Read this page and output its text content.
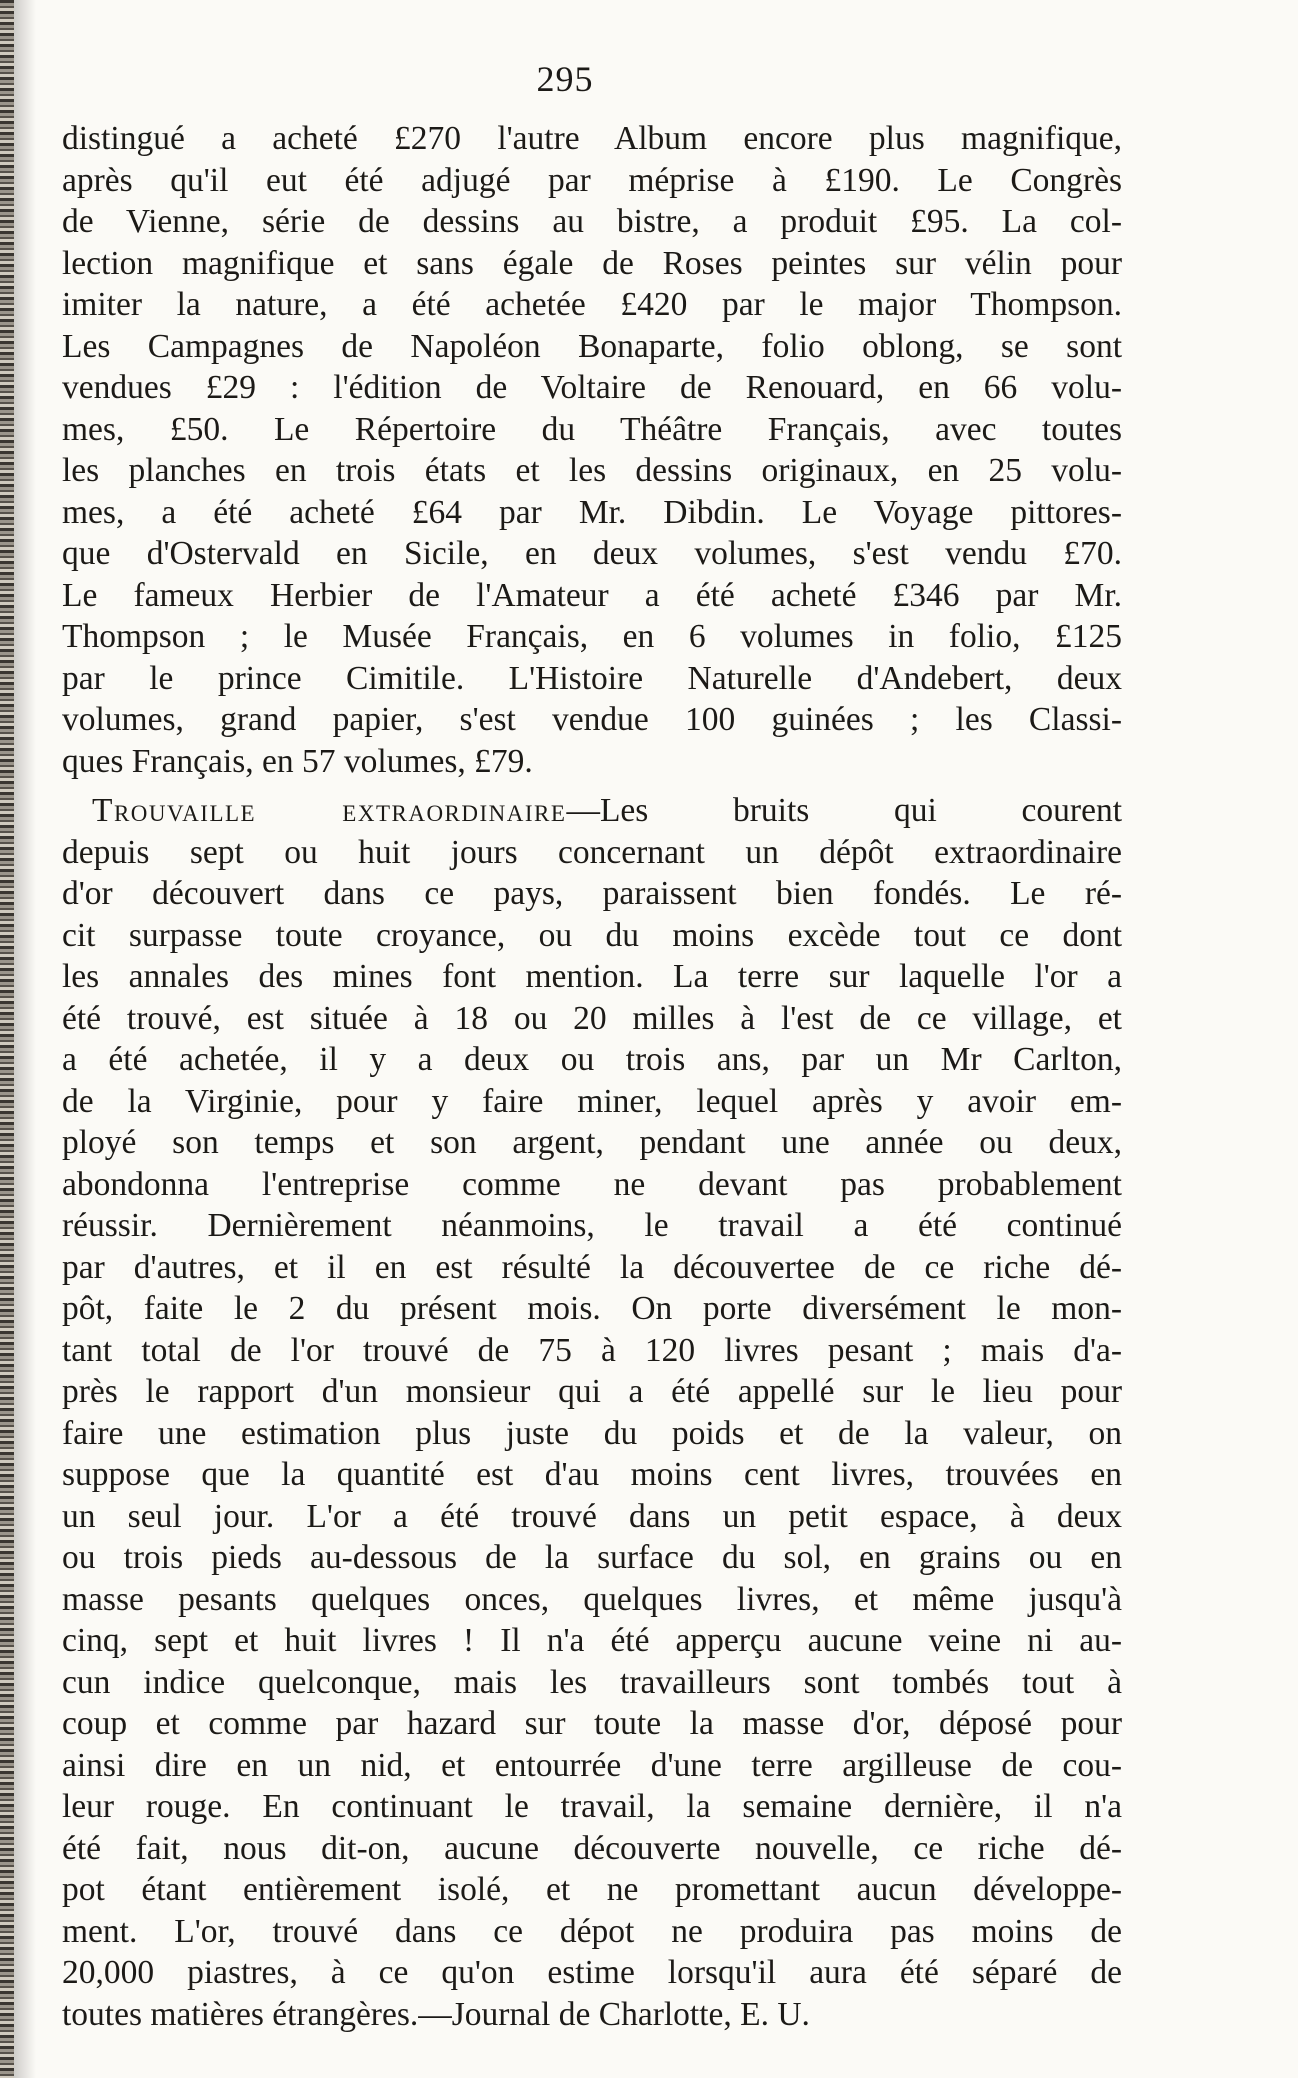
295
distingué a acheté £270 l'autre Album encore plus magnifique,
après qu'il eut été adjugé par méprise à £190. Le Congrès
de Vienne, série de dessins au bistre, a produit £95. La col-
lection magnifique et sans égale de Roses peintes sur vélin pour
imiter la nature, a été achetée £420 par le major Thompson.
Les Campagnes de Napoléon Bonaparte, folio oblong, se sont
vendues £29 : l'édition de Voltaire de Renouard, en 66 volu-
mes, £50. Le Répertoire du Théâtre Français, avec toutes
les planches en trois états et les dessins originaux, en 25 volu-
mes, a été acheté £64 par Mr. Dibdin. Le Voyage pittores-
que d'Ostervald en Sicile, en deux volumes, s'est vendu £70.
Le fameux Herbier de l'Amateur a été acheté £346 par Mr.
Thompson ; le Musée Français, en 6 volumes in folio, £125
par le prince Cimitile. L'Histoire Naturelle d'Andebert, deux
volumes, grand papier, s'est vendue 100 guinées ; les Classi-
ques Français, en 57 volumes, £79.
Trouvaille extraordinaire—Les bruits qui courent
depuis sept ou huit jours concernant un dépôt extraordinaire
d'or découvert dans ce pays, paraissent bien fondés. Le ré-
cit surpasse toute croyance, ou du moins excède tout ce dont
les annales des mines font mention. La terre sur laquelle l'or a
été trouvé, est située à 18 ou 20 milles à l'est de ce village, et
a été achetée, il y a deux ou trois ans, par un Mr Carlton,
de la Virginie, pour y faire miner, lequel après y avoir em-
ployé son temps et son argent, pendant une année ou deux,
abondonna l'entreprise comme ne devant pas probablement
réussir. Dernièrement néanmoins, le travail a été continué
par d'autres, et il en est résulté la découvertee de ce riche dé-
pôt, faite le 2 du présent mois. On porte diversément le mon-
tant total de l'or trouvé de 75 à 120 livres pesant ; mais d'a-
près le rapport d'un monsieur qui a été appellé sur le lieu pour
faire une estimation plus juste du poids et de la valeur, on
suppose que la quantité est d'au moins cent livres, trouvées en
un seul jour. L'or a été trouvé dans un petit espace, à deux
ou trois pieds au-dessous de la surface du sol, en grains ou en
masse pesants quelques onces, quelques livres, et même jusqu'à
cinq, sept et huit livres ! Il n'a été apperçu aucune veine ni au-
cun indice quelconque, mais les travailleurs sont tombés tout à
coup et comme par hazard sur toute la masse d'or, déposé pour
ainsi dire en un nid, et entourrée d'une terre argilleuse de cou-
leur rouge. En continuant le travail, la semaine dernière, il n'a
été fait, nous dit-on, aucune découverte nouvelle, ce riche dé-
pot étant entièrement isolé, et ne promettant aucun développe-
ment. L'or, trouvé dans ce dépot ne produira pas moins de
20,000 piastres, à ce qu'on estime lorsqu'il aura été séparé de
toutes matières étrangères.—Journal de Charlotte, E. U.
